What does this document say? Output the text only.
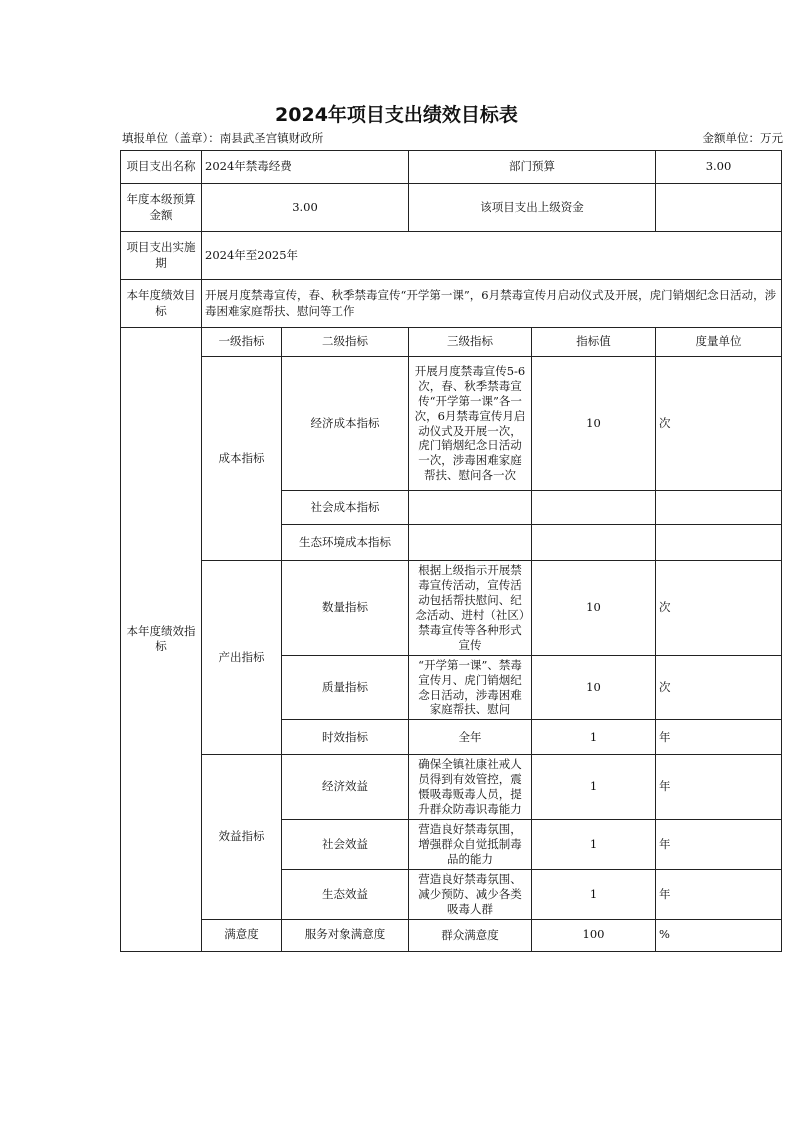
2024年项目支出绩效目标表
填报单位（盖章）：南县武圣宫镇财政所	金额单位：万元
项目支出名称	2024年禁毒经费		部门预算		3.00
年度本级预算金额	3.00		该项目支出上级资金		
项目支出实施期	2024年至2025年				
本年度绩效目标	开展月度禁毒宣传，春、秋季禁毒宣传“开学第一课”，6月禁毒宣传月启动仪式及开展，虎门销烟纪念日活动，涉毒困难家庭帮扶、慰问等工作				
本年度绩效指标	一级指标	二级指标	三级指标	指标值	度量单位
	成本指标	经济成本指标	开展月度禁毒宣传5-6次，春、秋季禁毒宣传“开学第一课”各一次，6月禁毒宣传月启动仪式及开展一次，虎门销烟纪念日活动一次，涉毒困难家庭帮扶、慰问各一次	10	次
		社会成本指标			
		生态环境成本指标			
	产出指标	数量指标	根据上级指示开展禁毒宣传活动，宣传活动包括帮扶慰问、纪念活动、进村（社区）禁毒宣传等各种形式宣传	10	次
		质量指标	“开学第一课”、禁毒宣传月、虎门销烟纪念日活动，涉毒困难家庭帮扶、慰问	10	次
		时效指标	全年	1	年
	效益指标	经济效益	确保全镇社康社戒人员得到有效管控，震慑吸毒贩毒人员，提升群众防毒识毒能力	1	年
		社会效益	营造良好禁毒氛围，增强群众自觉抵制毒品的能力	1	年
		生态效益	营造良好禁毒氛围、减少预防、减少各类吸毒人群	1	年
	满意度	服务对象满意度	群众满意度	100	%
